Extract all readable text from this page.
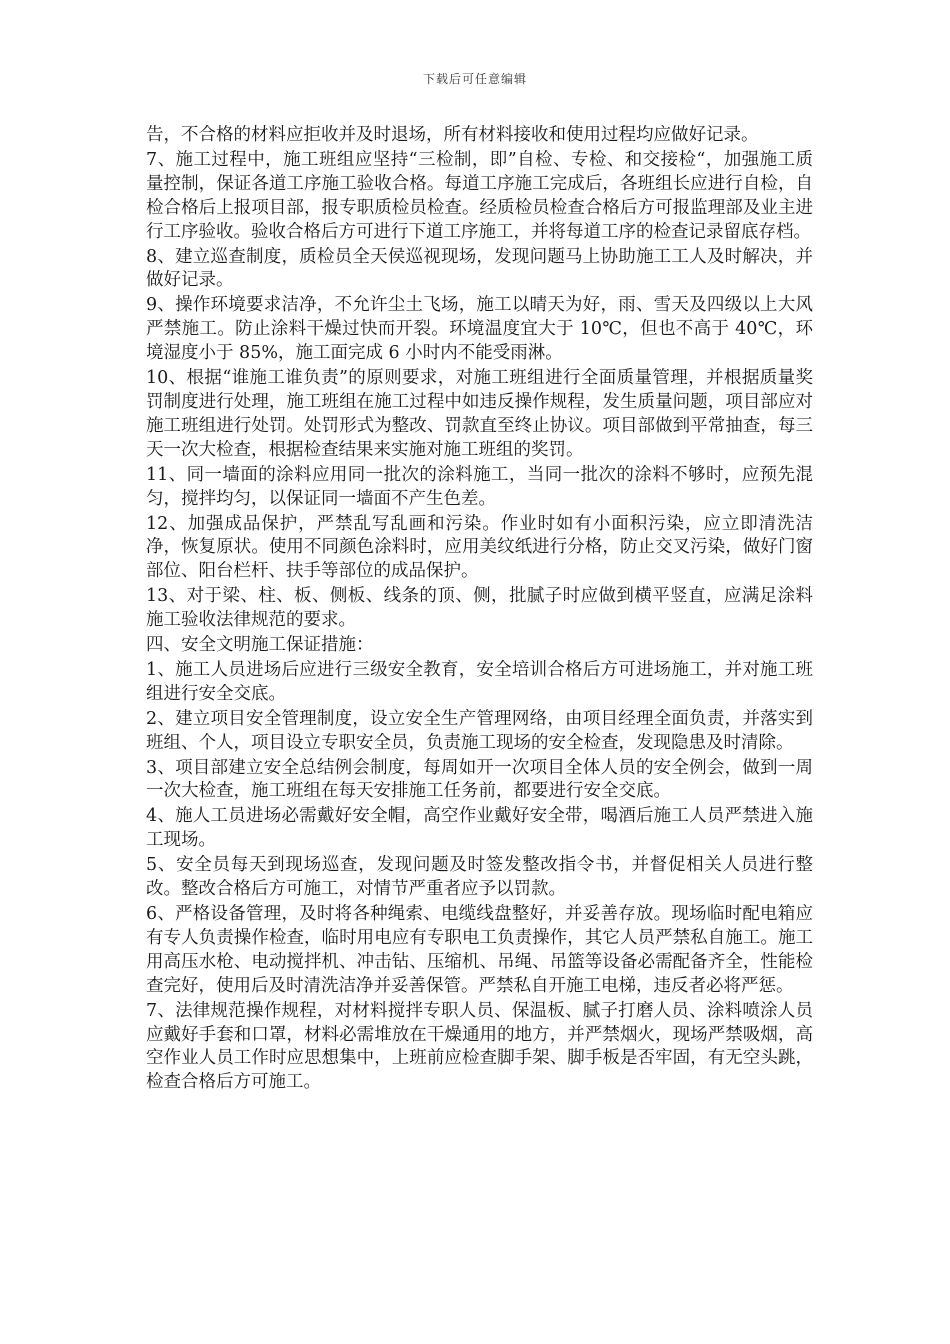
下载后可任意编辑

告，不合格的材料应拒收并及时退场，所有材料接收和使用过程均应做好记录。

7、施工过程中，施工班组应坚持“三检制，即”自检、专检、和交接检“，加强施工质量控制，保证各道工序施工验收合格。每道工序施工完成后，各班组长应进行自检，自检合格后上报项目部，报专职质检员检查。经质检员检查合格后方可报监理部及业主进行工序验收。验收合格后方可进行下道工序施工，并将每道工序的检查记录留底存档。

8、建立巡查制度，质检员全天侯巡视现场，发现问题马上协助施工工人及时解决，并做好记录。

9、操作环境要求洁净，不允许尘土飞场，施工以晴天为好，雨、雪天及四级以上大风严禁施工。防止涂料干燥过快而开裂。环境温度宜大于 10℃，但也不高于 40℃，环境湿度小于 85%，施工面完成 6 小时内不能受雨淋。

10、根据“谁施工谁负责”的原则要求，对施工班组进行全面质量管理，并根据质量奖罚制度进行处理，施工班组在施工过程中如违反操作规程，发生质量问题，项目部应对施工班组进行处罚。处罚形式为整改、罚款直至终止协议。项目部做到平常抽查，每三天一次大检查，根据检查结果来实施对施工班组的奖罚。

11、同一墙面的涂料应用同一批次的涂料施工，当同一批次的涂料不够时，应预先混匀，搅拌均匀，以保证同一墙面不产生色差。

12、加强成品保护，严禁乱写乱画和污染。作业时如有小面积污染，应立即清洗洁净，恢复原状。使用不同颜色涂料时，应用美纹纸进行分格，防止交叉污染，做好门窗部位、阳台栏杆、扶手等部位的成品保护。

13、对于梁、柱、板、侧板、线条的顶、侧，批腻子时应做到横平竖直，应满足涂料施工验收法律规范的要求。

四、安全文明施工保证措施：

1、施工人员进场后应进行三级安全教育，安全培训合格后方可进场施工，并对施工班组进行安全交底。

2、建立项目安全管理制度，设立安全生产管理网络，由项目经理全面负责，并落实到班组、个人，项目设立专职安全员，负责施工现场的安全检查，发现隐患及时清除。

3、项目部建立安全总结例会制度，每周如开一次项目全体人员的安全例会，做到一周一次大检查，施工班组在每天安排施工任务前，都要进行安全交底。

4、施人工员进场必需戴好安全帽，高空作业戴好安全带，喝酒后施工人员严禁进入施工现场。

5、安全员每天到现场巡查，发现问题及时签发整改指令书，并督促相关人员进行整改。整改合格后方可施工，对情节严重者应予以罚款。

6、严格设备管理，及时将各种绳索、电缆线盘整好，并妥善存放。现场临时配电箱应有专人负责操作检查，临时用电应有专职电工负责操作，其它人员严禁私自施工。施工用高压水枪、电动搅拌机、冲击钻、压缩机、吊绳、吊篮等设备必需配备齐全，性能检查完好，使用后及时清洗洁净并妥善保管。严禁私自开施工电梯，违反者必将严惩。

7、法律规范操作规程，对材料搅拌专职人员、保温板、腻子打磨人员、涂料喷涂人员应戴好手套和口罩，材料必需堆放在干燥通用的地方，并严禁烟火，现场严禁吸烟，高空作业人员工作时应思想集中，上班前应检查脚手架、脚手板是否牢固，有无空头跳，检查合格后方可施工。
